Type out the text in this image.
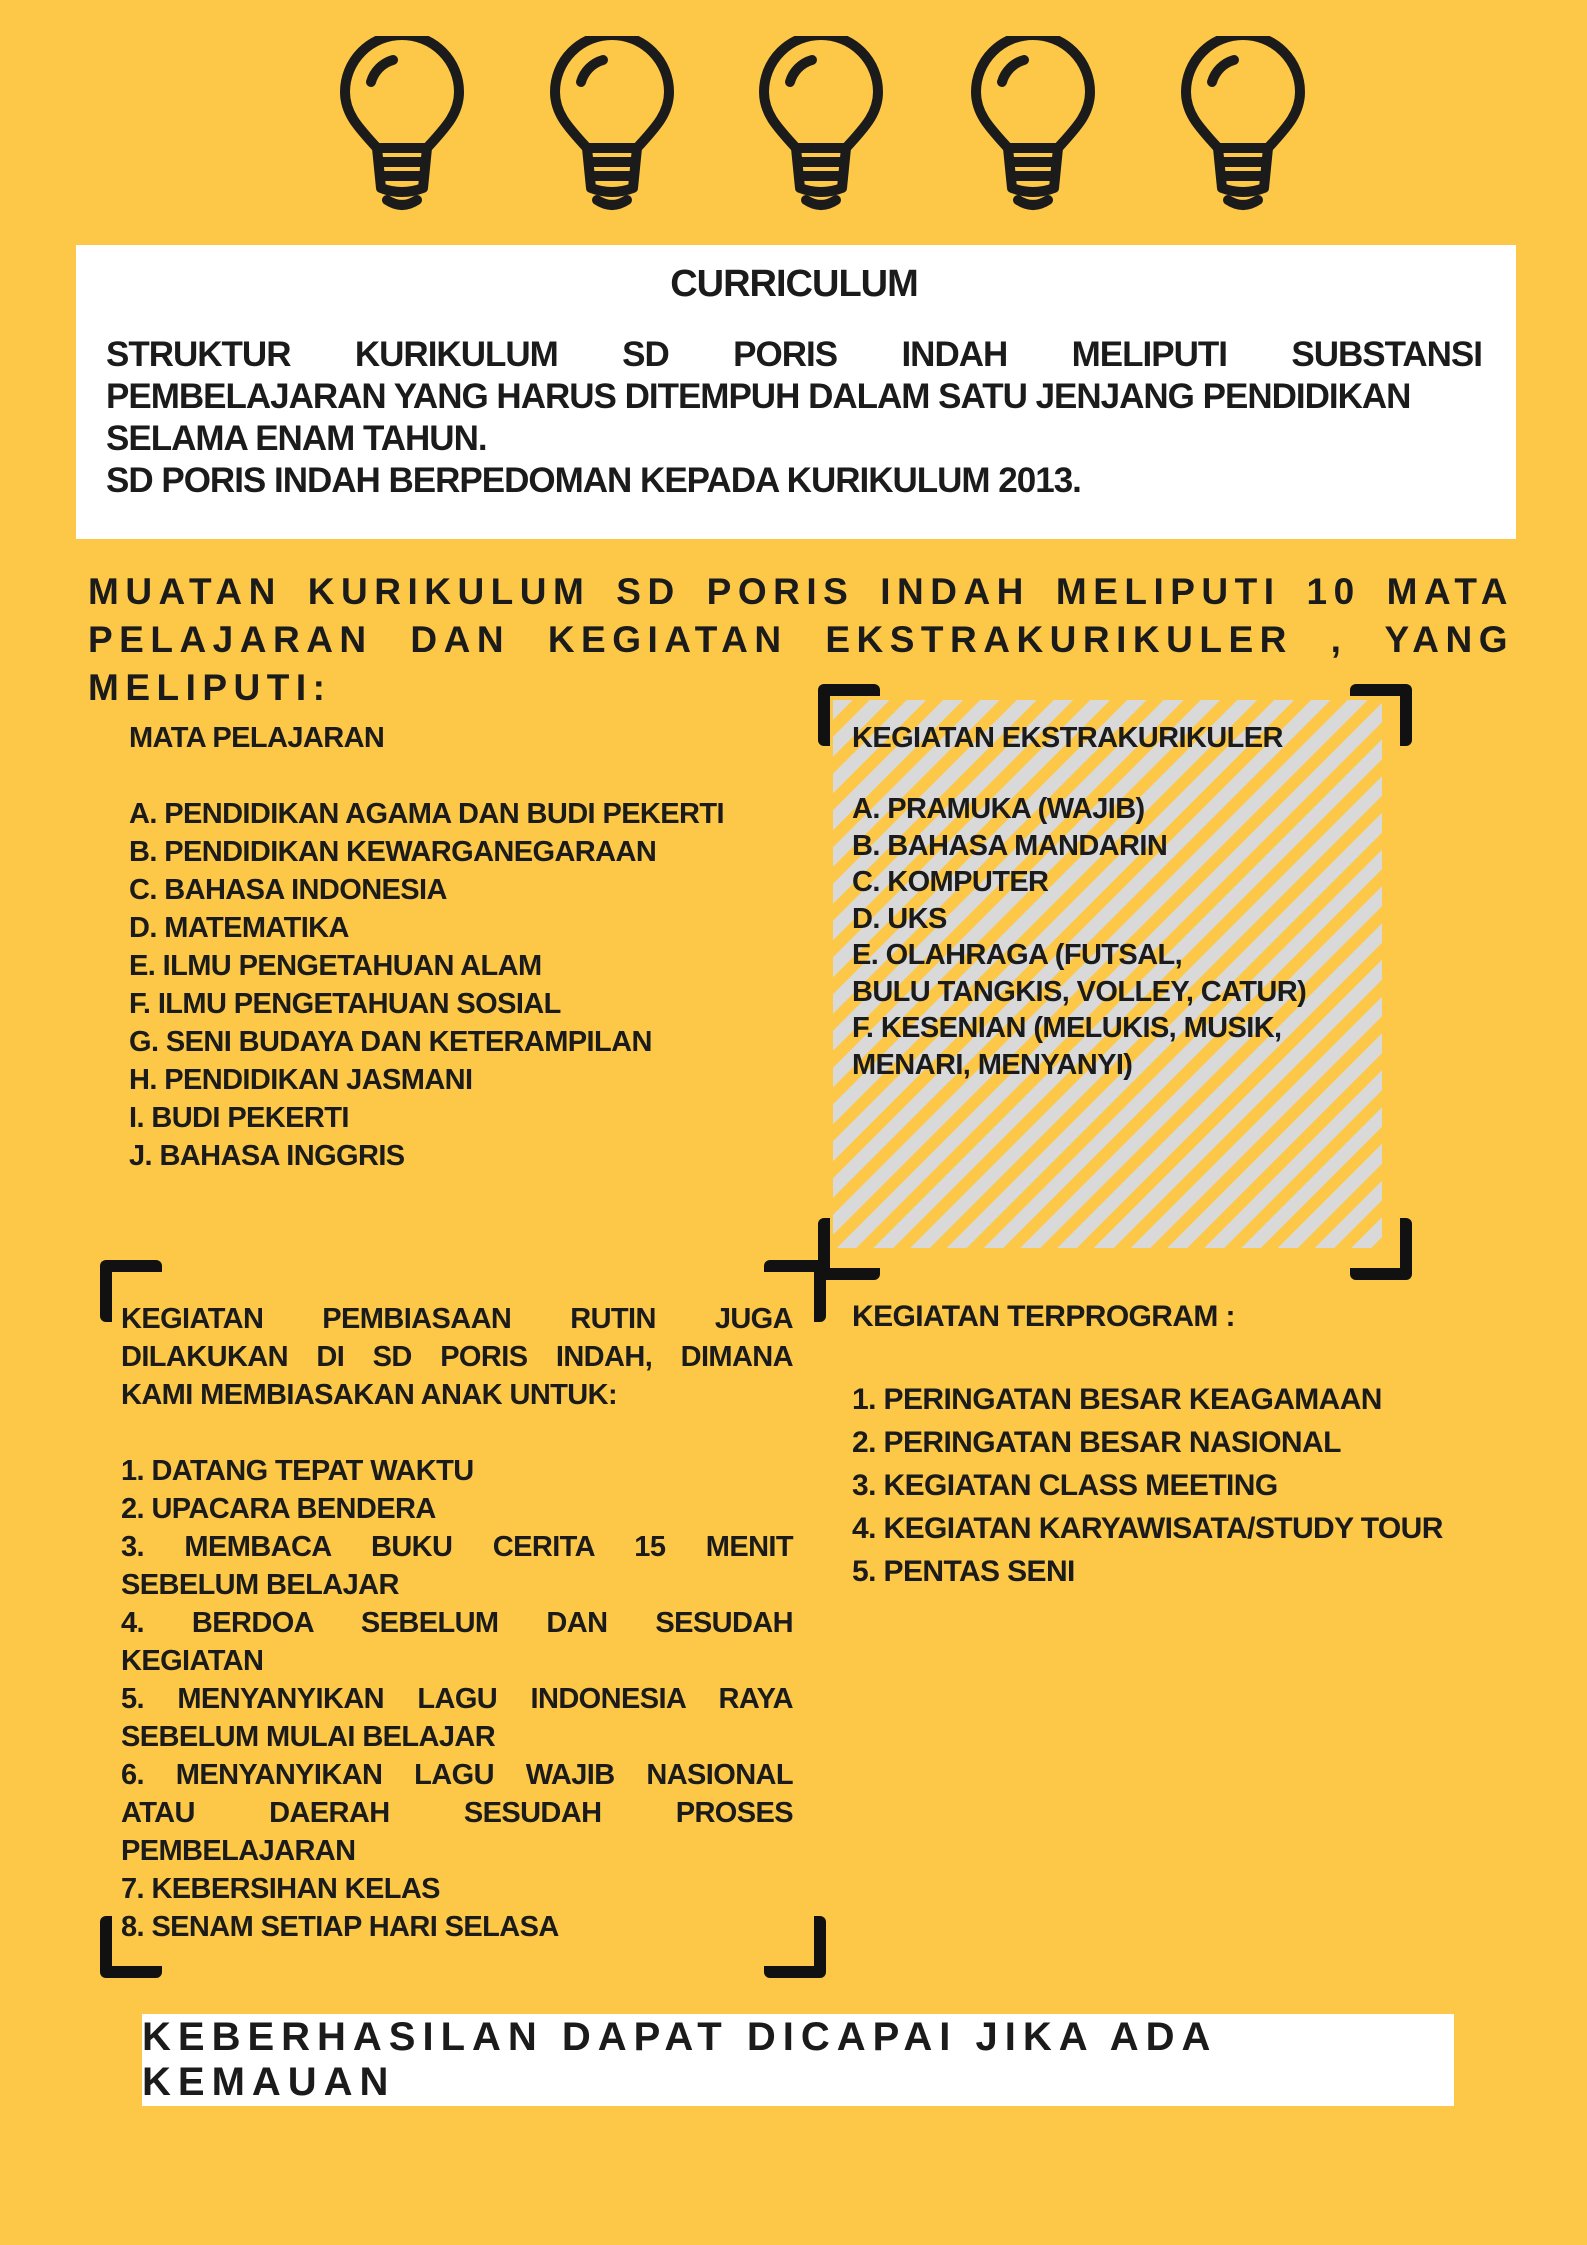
CURRICULUM
STRUKTUR KURIKULUM SD PORIS INDAH MELIPUTI SUBSTANSI
PEMBELAJARAN YANG HARUS DITEMPUH DALAM SATU JENJANG PENDIDIKAN
SELAMA ENAM TAHUN.
SD PORIS INDAH BERPEDOMAN KEPADA KURIKULUM 2013.
MUATAN KURIKULUM SD PORIS INDAH MELIPUTI 10 MATA
PELAJARAN DAN KEGIATAN EKSTRAKURIKULER , YANG
MELIPUTI:
MATA PELAJARAN
A. PENDIDIKAN AGAMA DAN BUDI PEKERTI
B. PENDIDIKAN KEWARGANEGARAAN
C. BAHASA INDONESIA
D. MATEMATIKA
E. ILMU PENGETAHUAN ALAM
F. ILMU PENGETAHUAN SOSIAL
G. SENI BUDAYA DAN KETERAMPILAN
H. PENDIDIKAN JASMANI
I. BUDI PEKERTI
J. BAHASA INGGRIS
KEGIATAN EKSTRAKURIKULER
A. PRAMUKA (WAJIB)
B. BAHASA MANDARIN
C. KOMPUTER
D. UKS
E. OLAHRAGA (FUTSAL,
BULU TANGKIS, VOLLEY, CATUR)
F. KESENIAN (MELUKIS, MUSIK,
MENARI, MENYANYI)
KEGIATAN PEMBIASAAN RUTIN JUGA
DILAKUKAN DI SD PORIS INDAH, DIMANA
KAMI MEMBIASAKAN ANAK UNTUK:
1. DATANG TEPAT WAKTU
2. UPACARA BENDERA
3. MEMBACA BUKU CERITA 15 MENIT
SEBELUM BELAJAR
4. BERDOA SEBELUM DAN SESUDAH
KEGIATAN
5. MENYANYIKAN LAGU INDONESIA RAYA
SEBELUM MULAI BELAJAR
6. MENYANYIKAN LAGU WAJIB NASIONAL
ATAU DAERAH SESUDAH PROSES
PEMBELAJARAN
7. KEBERSIHAN KELAS
8. SENAM SETIAP HARI SELASA
KEGIATAN TERPROGRAM :
1. PERINGATAN BESAR KEAGAMAAN
2. PERINGATAN BESAR NASIONAL
3. KEGIATAN CLASS MEETING
4. KEGIATAN KARYAWISATA/STUDY TOUR
5. PENTAS SENI
KEBERHASILAN DAPAT DICAPAI JIKA ADA KEMAUAN
